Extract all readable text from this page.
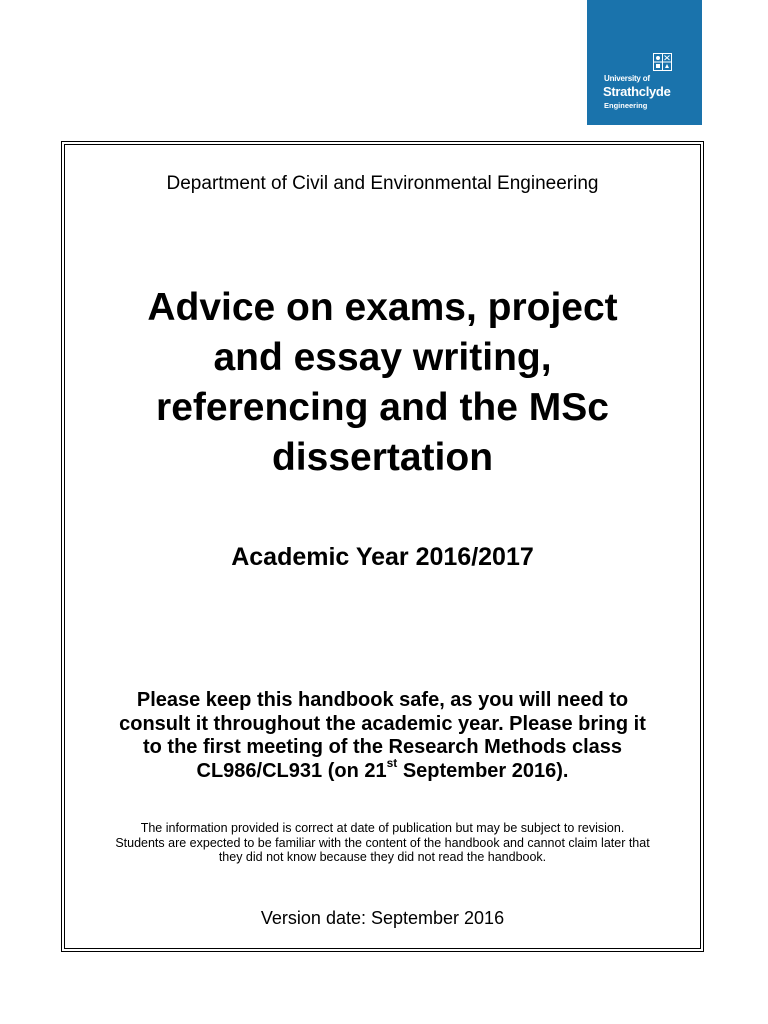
University of
Strathclyde
Engineering
Department of Civil and Environmental Engineering
Advice on exams, project
and essay writing,
referencing and the MSc
dissertation
Academic Year 2016/2017
Please keep this handbook safe, as you will need to
consult it throughout the academic year. Please bring it
to the first meeting of the Research Methods class
CL986/CL931 (on 21st September 2016).
The information provided is correct at date of publication but may be subject to revision.
Students are expected to be familiar with the content of the handbook and cannot claim later that
they did not know because they did not read the handbook.
Version date: September 2016
